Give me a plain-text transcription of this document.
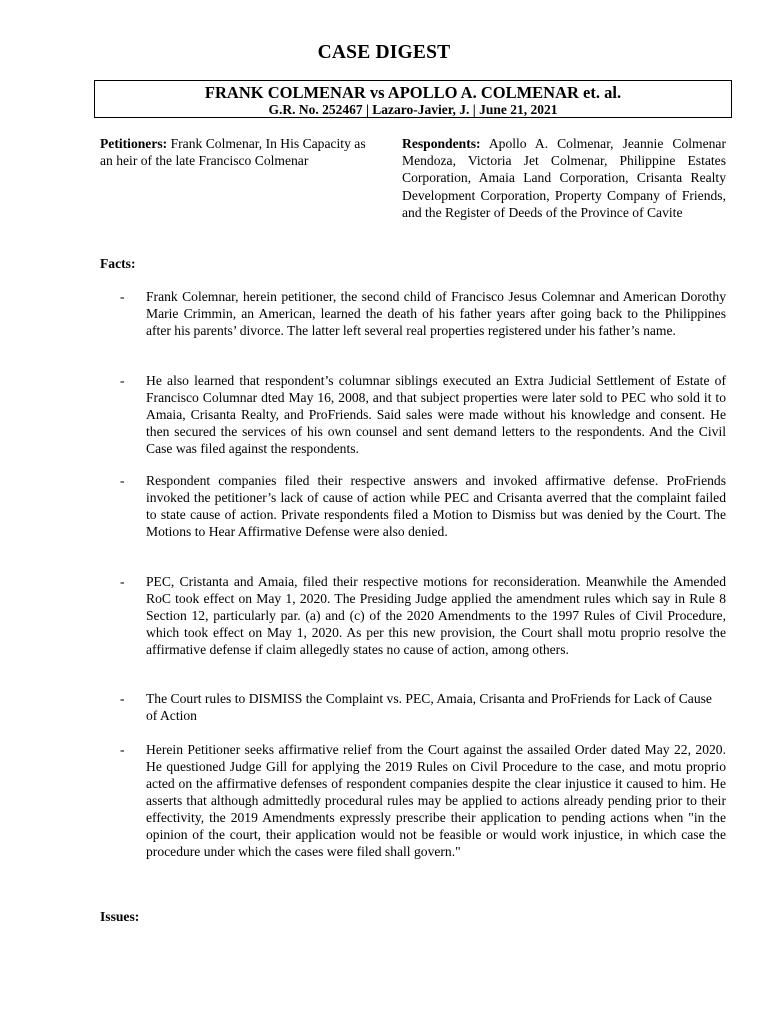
CASE DIGEST
FRANK COLMENAR vs APOLLO A. COLMENAR et. al.
G.R. No. 252467 | Lazaro-Javier, J. | June 21, 2021
Petitioners: Frank Colmenar, In His Capacity as an heir of the late Francisco Colmenar
Respondents: Apollo A. Colmenar, Jeannie Colmenar Mendoza, Victoria Jet Colmenar, Philippine Estates Corporation, Amaia Land Corporation, Crisanta Realty Development Corporation, Property Company of Friends, and the Register of Deeds of the Province of Cavite
Facts:
-	Frank Colemnar, herein petitioner, the second child of Francisco Jesus Colemnar and American Dorothy Marie Crimmin, an American, learned the death of his father years after going back to the Philippines after his parents’ divorce. The latter left several real properties registered under his father’s name.
-	He also learned that respondent’s columnar siblings executed an Extra Judicial Settlement of Estate of Francisco Columnar dted May 16, 2008, and that subject properties were later sold to PEC who sold it to Amaia, Crisanta Realty, and ProFriends. Said sales were made without his knowledge and consent. He then secured the services of his own counsel and sent demand letters to the respondents. And the Civil Case was filed against the respondents.
-	Respondent companies filed their respective answers and invoked affirmative defense. ProFriends invoked the petitioner’s lack of cause of action while PEC and Crisanta averred that the complaint failed to state cause of action. Private respondents filed a Motion to Dismiss but was denied by the Court. The Motions to Hear Affirmative Defense were also denied.
-	PEC, Cristanta and Amaia, filed their respective motions for reconsideration. Meanwhile the Amended RoC took effect on May 1, 2020. The Presiding Judge applied the amendment rules which say in Rule 8 Section 12, particularly par. (a) and (c) of the 2020 Amendments to the 1997 Rules of Civil Procedure, which took effect on May 1, 2020. As per this new provision, the Court shall motu proprio resolve the affirmative defense if claim allegedly states no cause of action, among others.
-	The Court rules to DISMISS the Complaint vs. PEC, Amaia, Crisanta and ProFriends for Lack of Cause of Action
-	Herein Petitioner seeks affirmative relief from the Court against the assailed Order dated May 22, 2020. He questioned Judge Gill for applying the 2019 Rules on Civil Procedure to the case, and motu proprio acted on the affirmative defenses of respondent companies despite the clear injustice it caused to him. He asserts that although admittedly procedural rules may be applied to actions already pending prior to their effectivity, the 2019 Amendments expressly prescribe their application to pending actions when "in the opinion of the court, their application would not be feasible or would work injustice, in which case the procedure under which the cases were filed shall govern."
Issues:
